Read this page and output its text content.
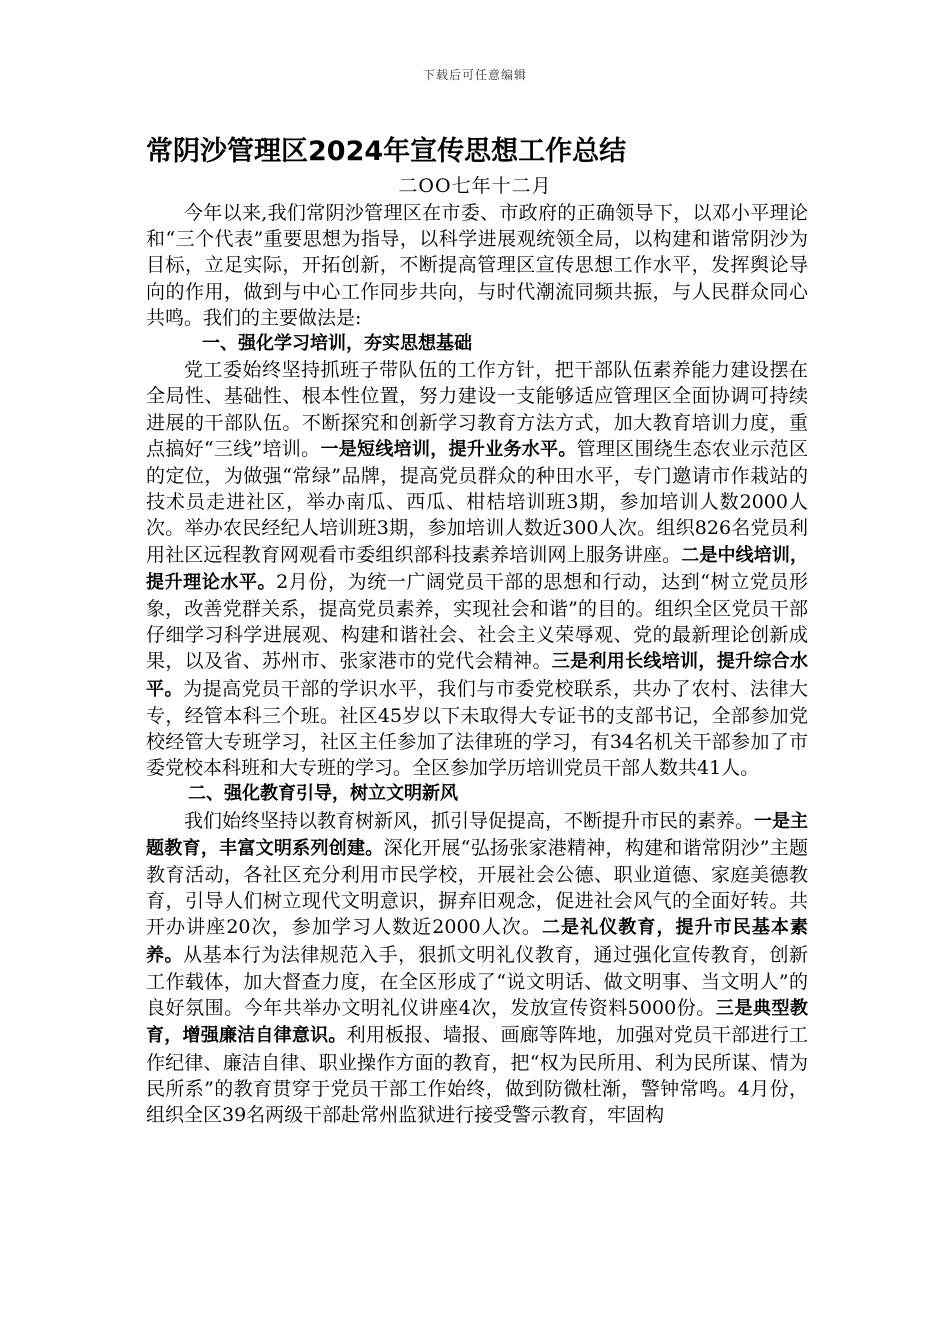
下载后可任意编辑
常阴沙管理区2024年宣传思想工作总结
二OO七年十二月

今年以来,我们常阴沙管理区在市委、市政府的正确领导下，以邓小平理论和“三个代表”重要思想为指导，以科学进展观统领全局，以构建和谐常阴沙为目标，立足实际，开拓创新，不断提高管理区宣传思想工作水平，发挥舆论导向的作用，做到与中心工作同步共向，与时代潮流同频共振，与人民群众同心共鸣。我们的主要做法是:

一、强化学习培训，夯实思想基础

党工委始终坚持抓班子带队伍的工作方针，把干部队伍素养能力建设摆在全局性、基础性、根本性位置，努力建设一支能够适应管理区全面协调可持续进展的干部队伍。不断探究和创新学习教育方法方式，加大教育培训力度，重点搞好“三线”培训。一是短线培训，提升业务水平。管理区围绕生态农业示范区的定位，为做强“常绿”品牌，提高党员群众的种田水平，专门邀请市作栽站的技术员走进社区，举办南瓜、西瓜、柑桔培训班3期，参加培训人数2000人次。举办农民经纪人培训班3期，参加培训人数近300人次。组织826名党员利用社区远程教育网观看市委组织部科技素养培训网上服务讲座。二是中线培训，提升理论水平。2月份，为统一广阔党员干部的思想和行动，达到“树立党员形象，改善党群关系，提高党员素养，实现社会和谐”的目的。组织全区党员干部仔细学习科学进展观、构建和谐社会、社会主义荣辱观、党的最新理论创新成果，以及省、苏州市、张家港市的党代会精神。三是利用长线培训，提升综合水平。为提高党员干部的学识水平，我们与市委党校联系，共办了农村、法律大专，经管本科三个班。社区45岁以下未取得大专证书的支部书记，全部参加党校经管大专班学习，社区主任参加了法律班的学习，有34名机关干部参加了市委党校本科班和大专班的学习。全区参加学历培训党员干部人数共41人。

二、强化教育引导，树立文明新风

我们始终坚持以教育树新风，抓引导促提高，不断提升市民的素养。一是主题教育，丰富文明系列创建。深化开展“弘扬张家港精神，构建和谐常阴沙”主题教育活动，各社区充分利用市民学校，开展社会公德、职业道德、家庭美德教育，引导人们树立现代文明意识，摒弃旧观念，促进社会风气的全面好转。共开办讲座20次，参加学习人数近2000人次。二是礼仪教育，提升市民基本素养。从基本行为法律规范入手，狠抓文明礼仪教育，通过强化宣传教育，创新工作载体，加大督查力度，在全区形成了“说文明话、做文明事、当文明人”的良好氛围。今年共举办文明礼仪讲座4次，发放宣传资料5000份。三是典型教育，增强廉洁自律意识。利用板报、墙报、画廊等阵地，加强对党员干部进行工作纪律、廉洁自律、职业操作方面的教育，把“权为民所用、利为民所谋、情为民所系”的教育贯穿于党员干部工作始终，做到防微杜渐，警钟常鸣。4月份，组织全区39名两级干部赴常州监狱进行接受警示教育，牢固构
